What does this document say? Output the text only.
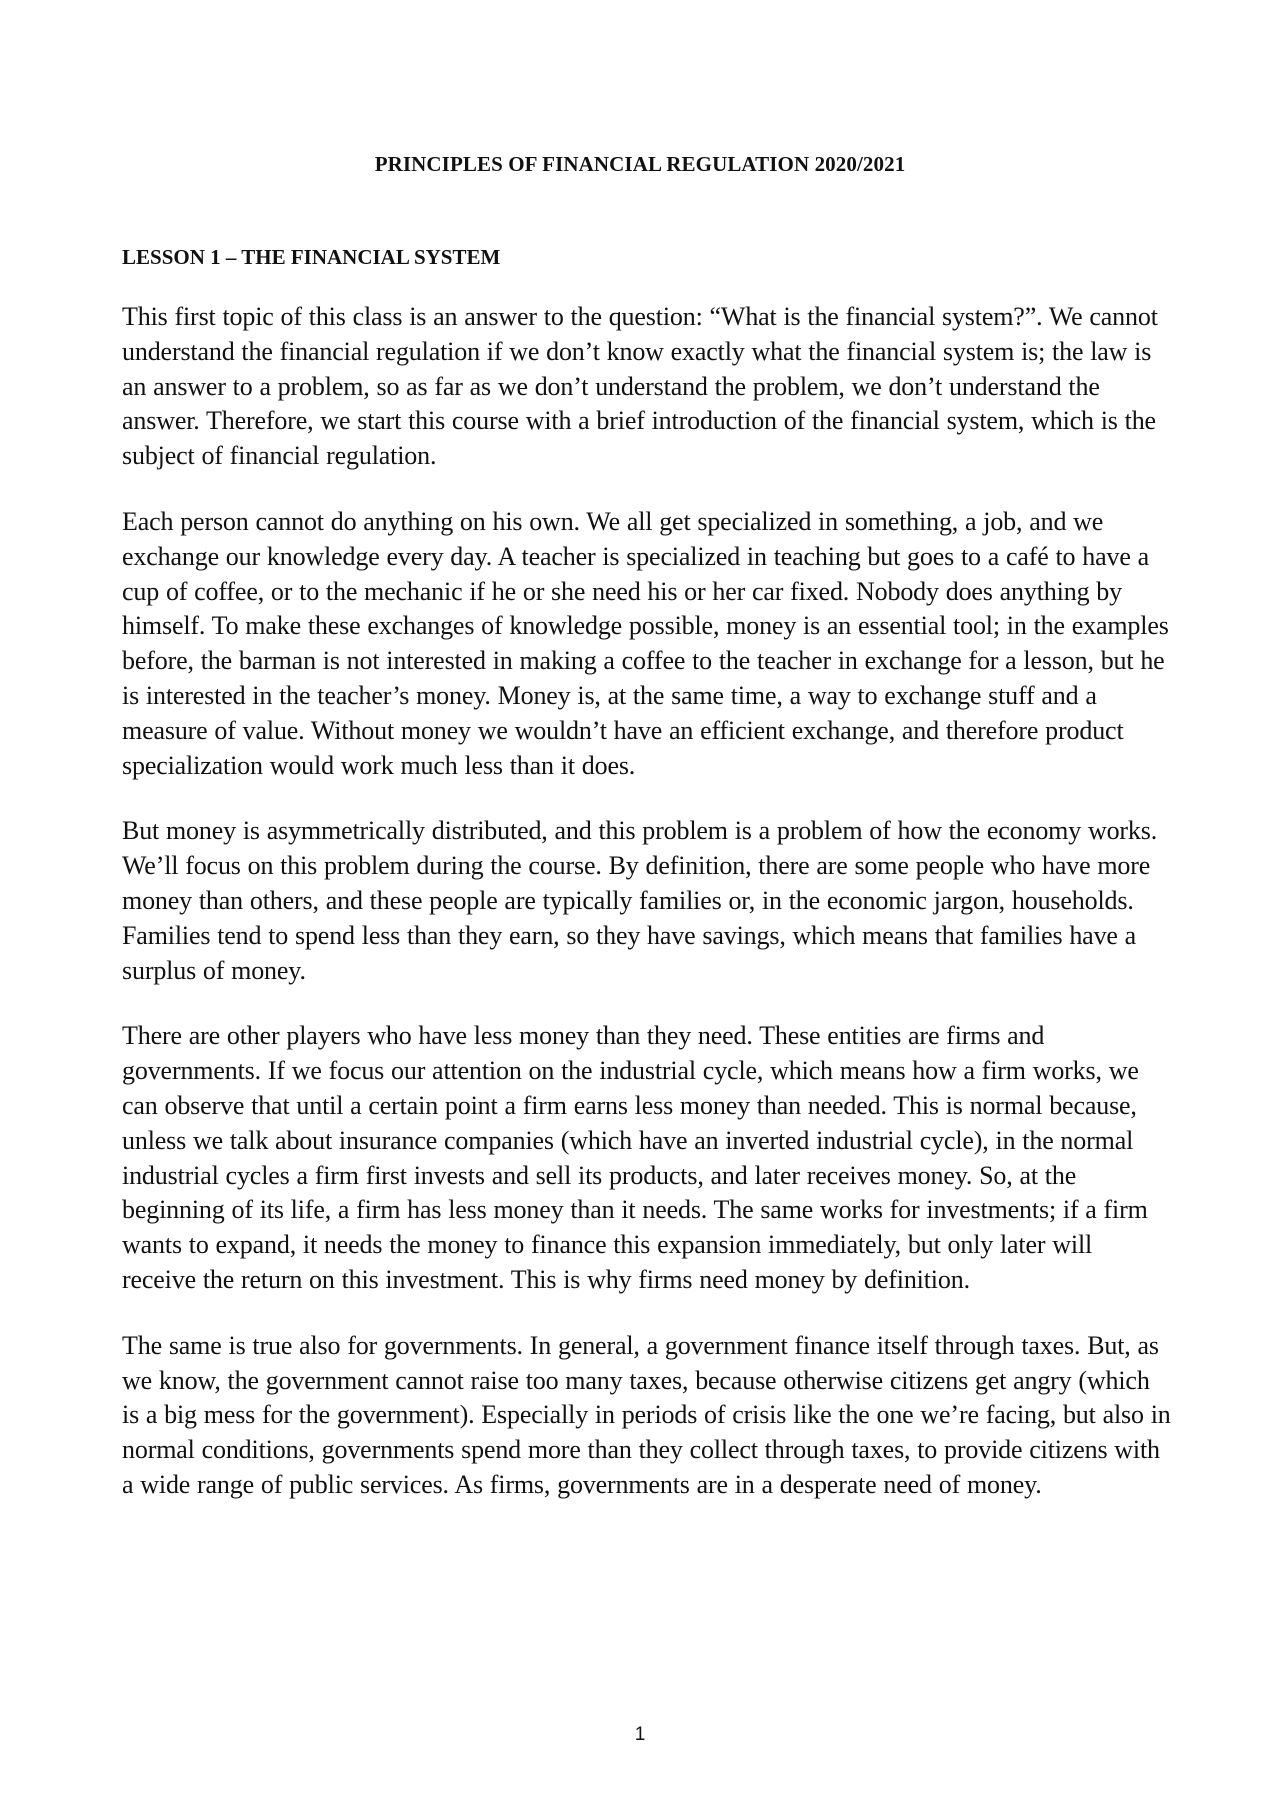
PRINCIPLES OF FINANCIAL REGULATION 2020/2021
LESSON 1 – THE FINANCIAL SYSTEM

This first topic of this class is an answer to the question: “What is the financial system?”. We cannot understand the financial regulation if we don’t know exactly what the financial system is; the law is an answer to a problem, so as far as we don’t understand the problem, we don’t understand the answer. Therefore, we start this course with a brief introduction of the financial system, which is the subject of financial regulation.

Each person cannot do anything on his own. We all get specialized in something, a job, and we exchange our knowledge every day. A teacher is specialized in teaching but goes to a café to have a cup of coffee, or to the mechanic if he or she need his or her car fixed. Nobody does anything by himself. To make these exchanges of knowledge possible, money is an essential tool; in the examples before, the barman is not interested in making a coffee to the teacher in exchange for a lesson, but he is interested in the teacher’s money. Money is, at the same time, a way to exchange stuff and a measure of value. Without money we wouldn’t have an efficient exchange, and therefore product specialization would work much less than it does.

But money is asymmetrically distributed, and this problem is a problem of how the economy works. We’ll focus on this problem during the course. By definition, there are some people who have more money than others, and these people are typically families or, in the economic jargon, households. Families tend to spend less than they earn, so they have savings, which means that families have a surplus of money.

There are other players who have less money than they need. These entities are firms and governments. If we focus our attention on the industrial cycle, which means how a firm works, we can observe that until a certain point a firm earns less money than needed. This is normal because, unless we talk about insurance companies (which have an inverted industrial cycle), in the normal industrial cycles a firm first invests and sell its products, and later receives money. So, at the beginning of its life, a firm has less money than it needs. The same works for investments; if a firm wants to expand, it needs the money to finance this expansion immediately, but only later will receive the return on this investment. This is why firms need money by definition.

The same is true also for governments. In general, a government finance itself through taxes. But, as we know, the government cannot raise too many taxes, because otherwise citizens get angry (which is a big mess for the government). Especially in periods of crisis like the one we’re facing, but also in normal conditions, governments spend more than they collect through taxes, to provide citizens with a wide range of public services. As firms, governments are in a desperate need of money.

1
